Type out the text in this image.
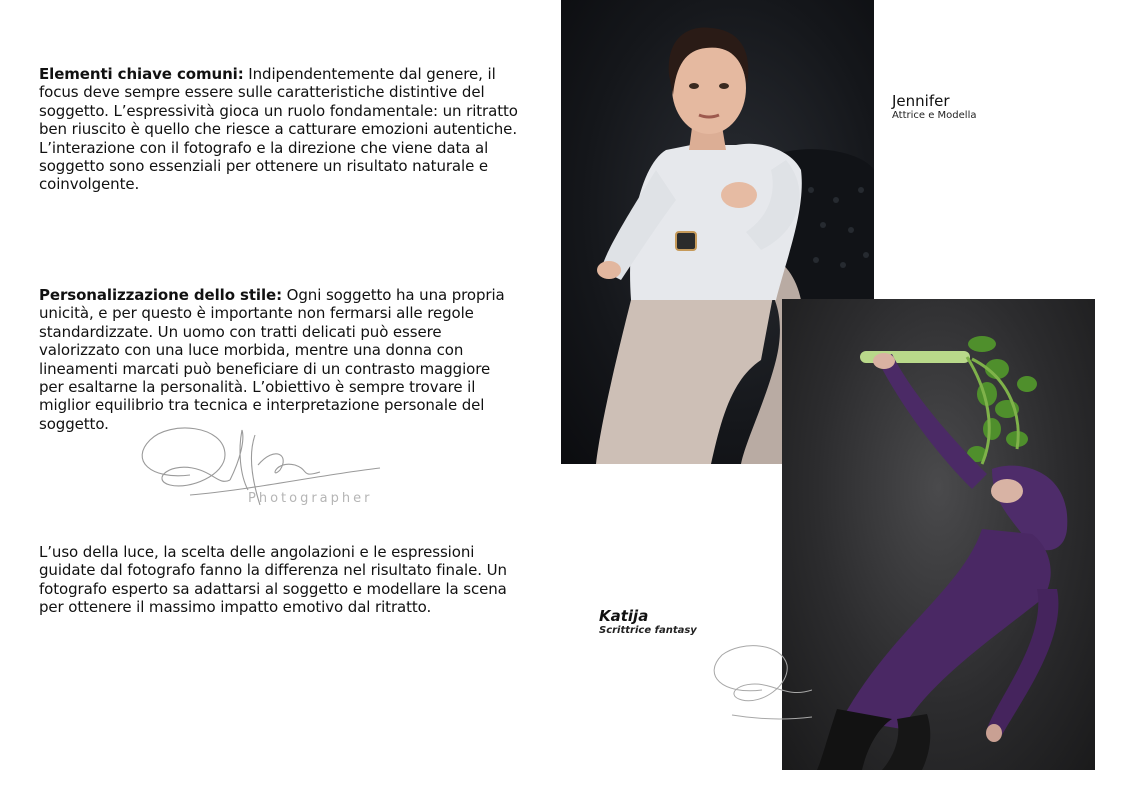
Elementi chiave comuni: Indipendentemente dal genere, il focus deve sempre essere sulle caratteristiche distintive del soggetto. L’espressività gioca un ruolo fondamentale: un ritratto ben riuscito è quello che riesce a catturare emozioni autentiche. L’interazione con il fotografo e la direzione che viene data al soggetto sono essenziali per ottenere un risultato naturale e coinvolgente.

Personalizzazione dello stile: Ogni soggetto ha una propria unicità, e per questo è importante non fermarsi alle regole standardizzate. Un uomo con tratti delicati può essere valorizzato con una luce morbida, mentre una donna con lineamenti marcati può beneficiare di un contrasto maggiore per esaltarne la personalità. L’obiettivo è sempre trovare il miglior equilibrio tra tecnica e interpretazione personale del soggetto.

L’uso della luce, la scelta delle angolazioni e le espressioni guidate dal fotografo fanno la differenza nel risultato finale. Un fotografo esperto sa adattarsi al soggetto e modellare la scena per ottenere il massimo impatto emotivo dal ritratto.

Photographer
Jennifer
Attrice e Modella
Katija
Scrittrice fantasy
